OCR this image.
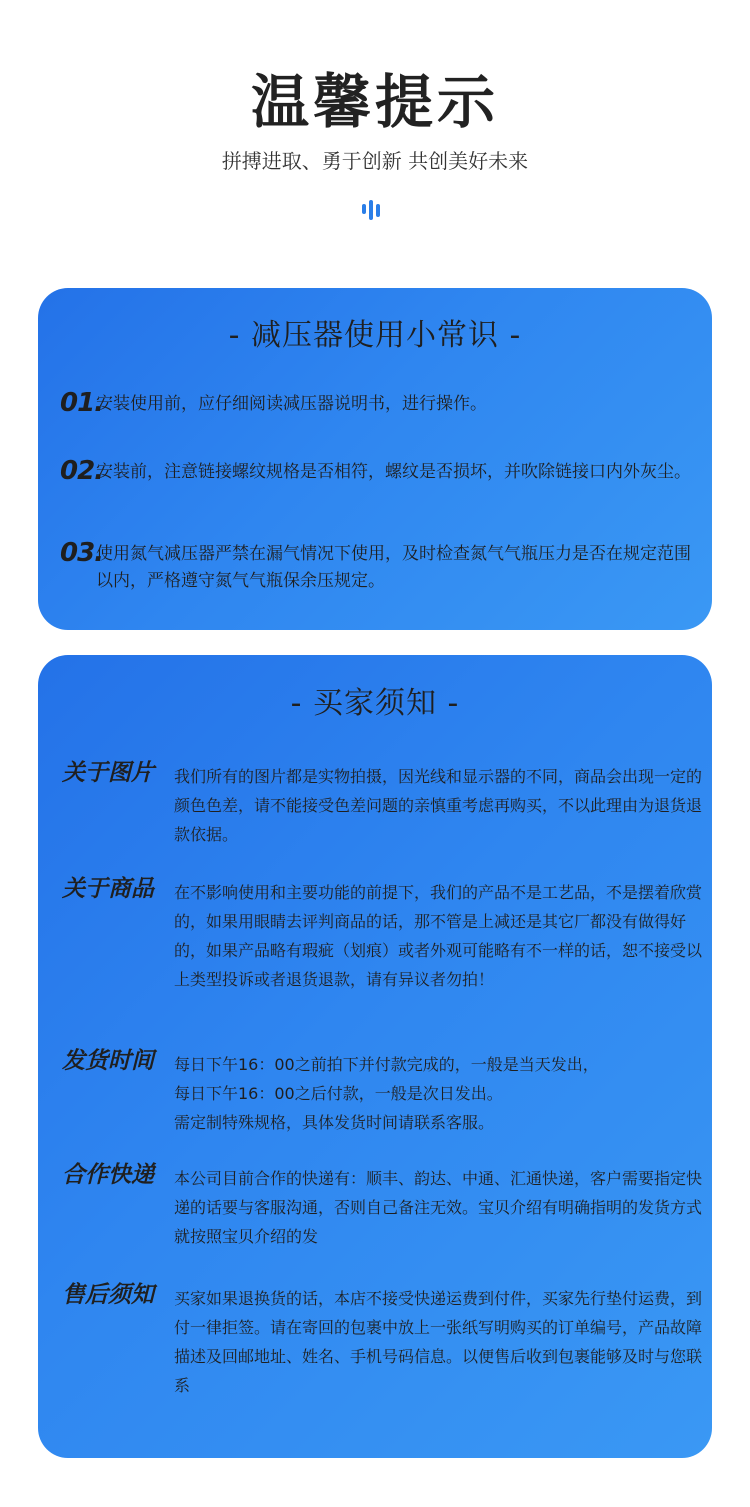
温馨提示
拼搏进取、勇于创新 共创美好未来
- 减压器使用小常识 -
01.
安装使用前，应仔细阅读减压器说明书，进行操作。
02.
安装前，注意链接螺纹规格是否相符，螺纹是否损坏，并吹除链接口内外灰尘。
03.
使用氮气减压器严禁在漏气情况下使用，及时检查氮气气瓶压力是否在规定范围以内，严格遵守氮气气瓶保余压规定。
- 买家须知 -
关于图片 我们所有的图片都是实物拍摄，因光线和显示器的不同，商品会出现一定的颜色色差，请不能接受色差问题的亲慎重考虑再购买，不以此理由为退货退款依据。
关于商品 在不影响使用和主要功能的前提下，我们的产品不是工艺品，不是摆着欣赏的，如果用眼睛去评判商品的话，那不管是上减还是其它厂都没有做得好的，如果产品略有瑕疵（划痕）或者外观可能略有不一样的话，恕不接受以上类型投诉或者退货退款，请有异议者勿拍！
发货时间 每日下午16：00之前拍下并付款完成的，一般是当天发出，
每日下午16：00之后付款，一般是次日发出。
需定制特殊规格，具体发货时间请联系客服。
合作快递 本公司目前合作的快递有：顺丰、韵达、中通、汇通快递，客户需要指定快递的话要与客服沟通，否则自己备注无效。宝贝介绍有明确指明的发货方式就按照宝贝介绍的发
售后须知 买家如果退换货的话，本店不接受快递运费到付件，买家先行垫付运费，到付一律拒签。请在寄回的包裹中放上一张纸写明购买的订单编号，产品故障描述及回邮地址、姓名、手机号码信息。以便售后收到包裹能够及时与您联系
